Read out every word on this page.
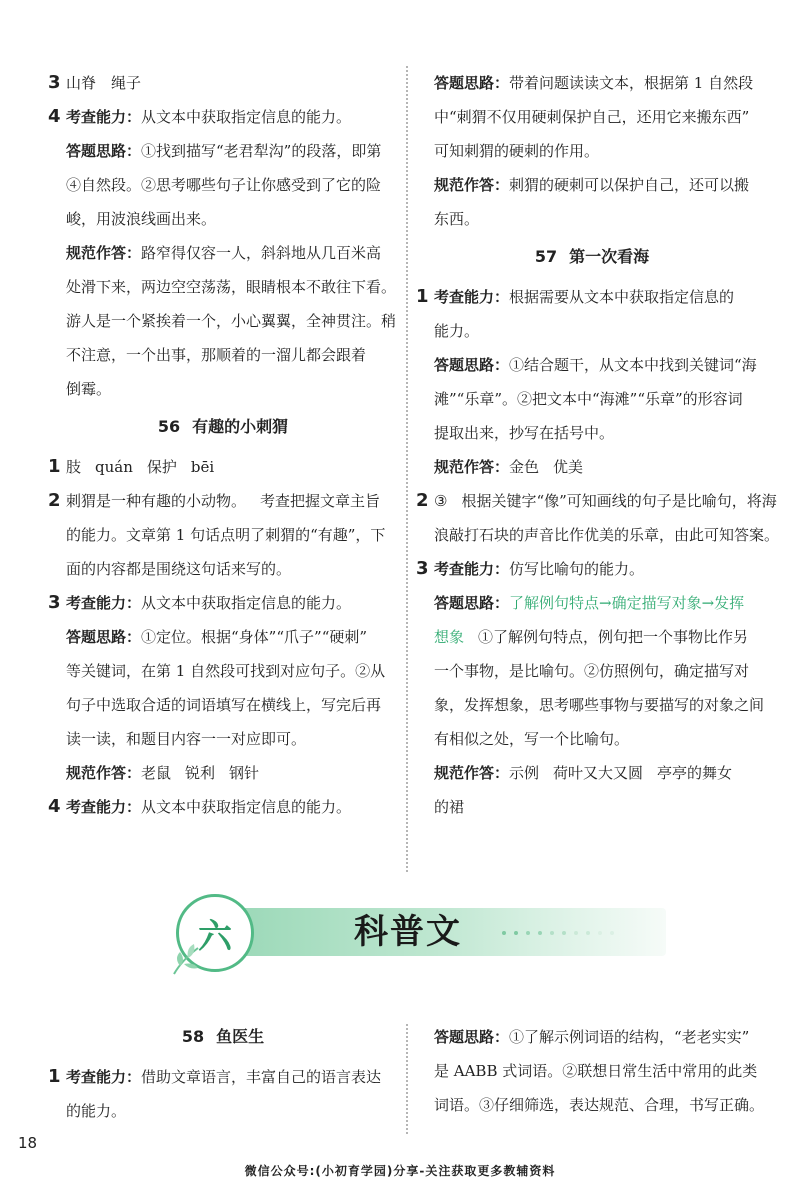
3 山脊　绳子
4 考查能力：从文本中获取指定信息的能力。
答题思路：①找到描写“老君犁沟”的段落，即第
④自然段。②思考哪些句子让你感受到了它的险
峻，用波浪线画出来。
规范作答：路窄得仅容一人，斜斜地从几百米高
处滑下来，两边空空荡荡，眼睛根本不敢往下看。
游人是一个紧挨着一个，小心翼翼，全神贯注。稍
不注意，一个出事，那顺着的一溜儿都会跟着
倒霉。
56 有趣的小刺猬
1 肢 quán 保护 bēi
2 刺猬是一种有趣的小动物。 考查把握文章主旨
的能力。文章第 1 句话点明了刺猬的“有趣”，下
面的内容都是围绕这句话来写的。
3 考查能力：从文本中获取指定信息的能力。
答题思路：①定位。根据“身体”“爪子”“硬刺”
等关键词，在第 1 自然段可找到对应句子。②从
句子中选取合适的词语填写在横线上，写完后再
读一读，和题目内容一一对应即可。
规范作答：老鼠 锐利 钢针
4 考查能力：从文本中获取指定信息的能力。
答题思路：带着问题读读文本，根据第 1 自然段
中“刺猬不仅用硬刺保护自己，还用它来搬东西”
可知刺猬的硬刺的作用。
规范作答：刺猬的硬刺可以保护自己，还可以搬
东西。
57 第一次看海
1 考查能力：根据需要从文本中获取指定信息的
能力。
答题思路：①结合题干，从文本中找到关键词“海
滩”“乐章”。②把文本中“海滩”“乐章”的形容词
提取出来，抄写在括号中。
规范作答：金色 优美
2 ③ 根据关键字“像”可知画线的句子是比喻句，将海
浪敲打石块的声音比作优美的乐章，由此可知答案。
3 考查能力：仿写比喻句的能力。
答题思路：了解例句特点→确定描写对象→发挥
想象 ①了解例句特点，例句把一个事物比作另
一个事物，是比喻句。②仿照例句，确定描写对
象，发挥想象，思考哪些事物与要描写的对象之间
有相似之处，写一个比喻句。
规范作答：示例 荷叶又大又圆 亭亭的舞女
的裙
六	科普文
58 鱼医生
1 考查能力：借助文章语言，丰富自己的语言表达
的能力。
答题思路：①了解示例词语的结构，“老老实实”
是 AABB 式词语。②联想日常生活中常用的此类
词语。③仔细筛选，表达规范、合理，书写正确。
18
微信公众号:(小初育学园)分享-关注获取更多教辅资料
